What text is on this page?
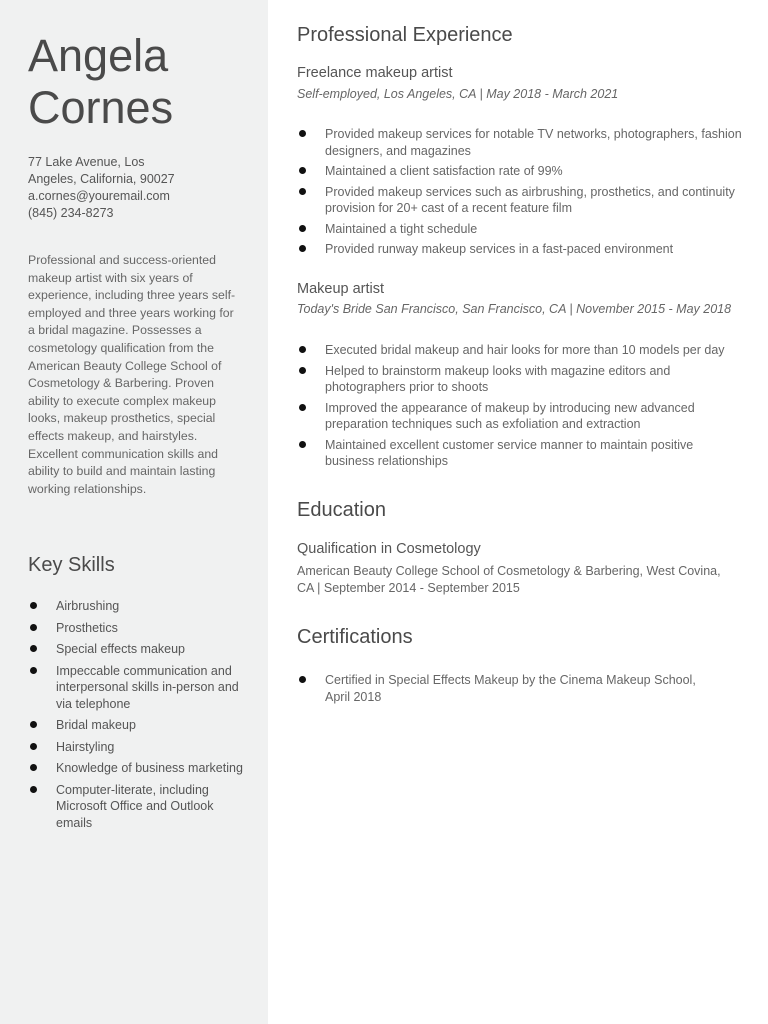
Angela
Cornes
77 Lake Avenue, Los
Angeles, California, 90027
a.cornes@youremail.com
(845) 234-8273
Professional and success-oriented makeup artist with six years of experience, including three years self-employed and three years working for a bridal magazine. Possesses a cosmetology qualification from the American Beauty College School of Cosmetology & Barbering. Proven ability to execute complex makeup looks, makeup prosthetics, special effects makeup, and hairstyles. Excellent communication skills and ability to build and maintain lasting working relationships.
Key Skills
Airbrushing
Prosthetics
Special effects makeup
Impeccable communication and interpersonal skills in-person and via telephone
Bridal makeup
Hairstyling
Knowledge of business marketing
Computer-literate, including Microsoft Office and Outlook emails
Professional Experience
Freelance makeup artist
Self-employed, Los Angeles, CA | May 2018 - March 2021
Provided makeup services for notable TV networks, photographers, fashion designers, and magazines
Maintained a client satisfaction rate of 99%
Provided makeup services such as airbrushing, prosthetics, and continuity provision for 20+ cast of a recent feature film
Maintained a tight schedule
Provided runway makeup services in a fast-paced environment
Makeup artist
Today's Bride San Francisco, San Francisco, CA | November 2015 - May 2018
Executed bridal makeup and hair looks for more than 10 models per day
Helped to brainstorm makeup looks with magazine editors and photographers prior to shoots
Improved the appearance of makeup by introducing new advanced preparation techniques such as exfoliation and extraction
Maintained excellent customer service manner to maintain positive business relationships
Education
Qualification in Cosmetology
American Beauty College School of Cosmetology & Barbering, West Covina, CA | September 2014 - September 2015
Certifications
Certified in Special Effects Makeup by the Cinema Makeup School, April 2018
